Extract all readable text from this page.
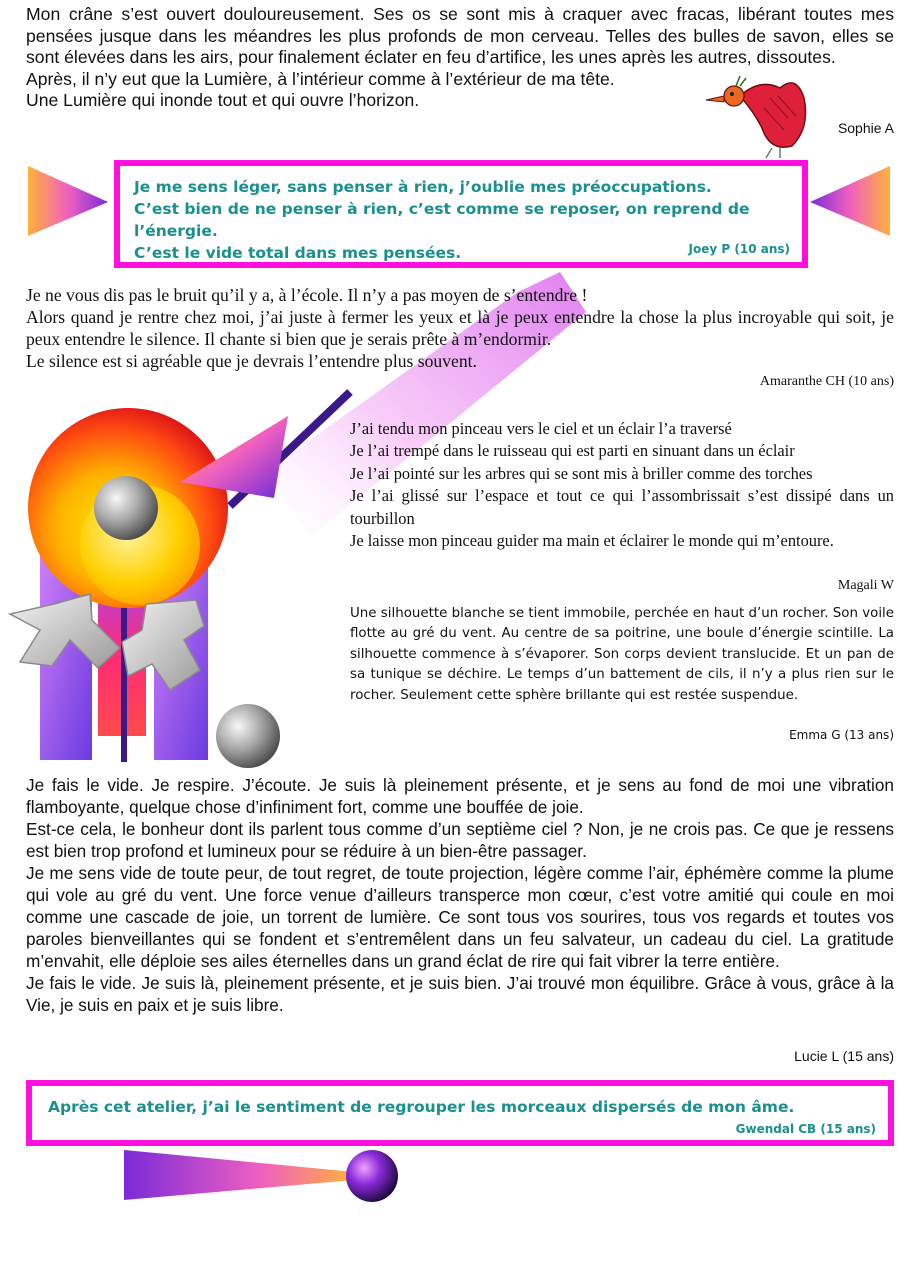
Mon crâne s’est ouvert douloureusement. Ses os se sont mis à craquer avec fracas, libérant toutes mes pensées jusque dans les méandres les plus profonds de mon cerveau. Telles des bulles de savon, elles se sont élevées dans les airs, pour finalement éclater en feu d’artifice, les unes après les autres, dissoutes.

Après, il n’y eut que la Lumière, à l’intérieur comme à l’extérieur de ma tête.

Une Lumière qui inonde tout et qui ouvre l’horizon.

Sophie A

Je me sens léger, sans penser à rien, j’oublie mes préoccupations.

C’est bien de ne penser à rien, c’est comme se reposer, on reprend de l’énergie.

C’est le vide total dans mes pensées.	Joey P (10 ans)

Je ne vous dis pas le bruit qu’il y a, à l’école. Il n’y a pas moyen de s’entendre !

Alors quand je rentre chez moi, j’ai juste à fermer les yeux et là je peux entendre la chose la plus incroyable qui soit, je peux entendre le silence. Il chante si bien que je serais prête à m’endormir.

Le silence est si agréable que je devrais l’entendre plus souvent.

Amaranthe CH (10 ans)

J’ai tendu mon pinceau vers le ciel et un éclair l’a traversé

Je l’ai trempé dans le ruisseau qui est parti en sinuant dans un éclair

Je l’ai pointé sur les arbres qui se sont mis à briller comme des torches

Je l’ai glissé sur l’espace et tout ce qui l’assombrissait s’est dissipé dans un tourbillon

Je laisse mon pinceau guider ma main et éclairer le monde qui m’entoure.

Magali W
Une silhouette blanche se tient immobile, perchée en haut d’un rocher. Son voile flotte au gré du vent. Au centre de sa poitrine, une boule d’énergie scintille. La silhouette commence à s’évaporer. Son corps devient translucide. Et un pan de sa tunique se déchire. Le temps d’un battement de cils, il n’y a plus rien sur le rocher. Seulement cette sphère brillante qui est restée suspendue.
Emma G (13 ans)

Je fais le vide. Je respire. J’écoute. Je suis là pleinement présente, et je sens au fond de moi une vibration flamboyante, quelque chose d’infiniment fort, comme une bouffée de joie.

Est-ce cela, le bonheur dont ils parlent tous comme d’un septième ciel ? Non, je ne crois pas. Ce que je ressens est bien trop profond et lumineux pour se réduire à un bien-être passager.

Je me sens vide de toute peur, de tout regret, de toute projection, légère comme l’air, éphémère comme la plume qui vole au gré du vent. Une force venue d’ailleurs transperce mon cœur, c’est votre amitié qui coule en moi comme une cascade de joie, un torrent de lumière. Ce sont tous vos sourires, tous vos regards et toutes vos paroles bienveillantes qui se fondent et s’entremêlent dans un feu salvateur, un cadeau du ciel. La gratitude m’envahit, elle déploie ses ailes éternelles dans un grand éclat de rire qui fait vibrer la terre entière.

Je fais le vide. Je suis là, pleinement présente, et je suis bien. J’ai trouvé mon équilibre. Grâce à vous, grâce à la Vie, je suis en paix et je suis libre.

Lucie L (15 ans)
Après cet atelier, j’ai le sentiment de regrouper les morceaux dispersés de mon âme.
Gwendal CB (15 ans)
